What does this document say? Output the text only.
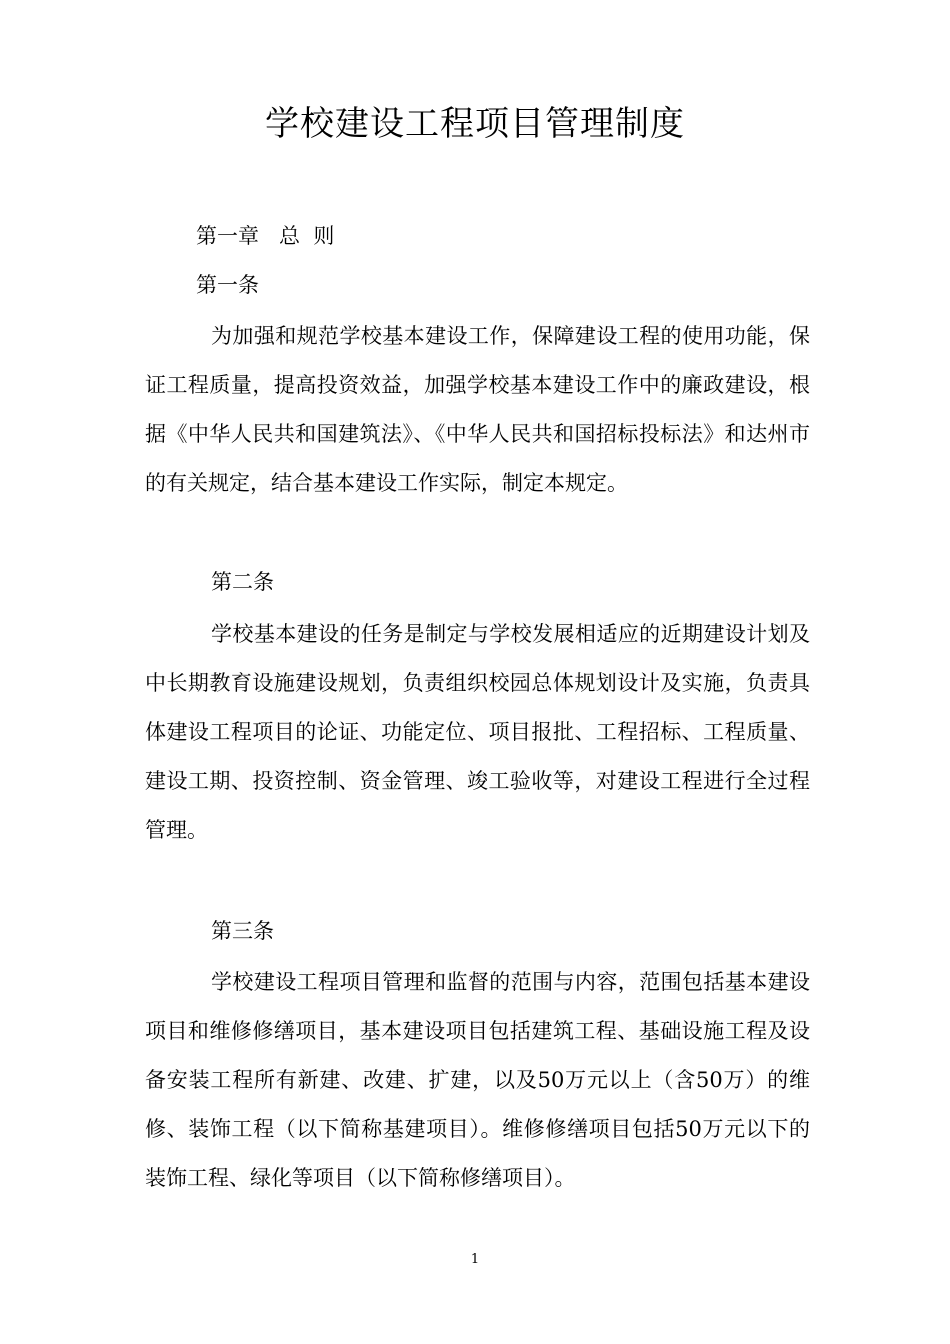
学校建设工程项目管理制度
第一章   总  则
第一条

为加强和规范学校基本建设工作，保障建设工程的使用功能，保证工程质量，提高投资效益，加强学校基本建设工作中的廉政建设，根据《中华人民共和国建筑法》、《中华人民共和国招标投标法》和达州市的有关规定，结合基本建设工作实际，制定本规定。

第二条

学校基本建设的任务是制定与学校发展相适应的近期建设计划及中长期教育设施建设规划，负责组织校园总体规划设计及实施，负责具体建设工程项目的论证、功能定位、项目报批、工程招标、工程质量、建设工期、投资控制、资金管理、竣工验收等，对建设工程进行全过程管理。

第三条

学校建设工程项目管理和监督的范围与内容，范围包括基本建设项目和维修修缮项目，基本建设项目包括建筑工程、基础设施工程及设备安装工程所有新建、改建、扩建，以及50万元以上（含50万）的维修、装饰工程（以下简称基建项目）。维修修缮项目包括50万元以下的装饰工程、绿化等项目（以下简称修缮项目）。

1
